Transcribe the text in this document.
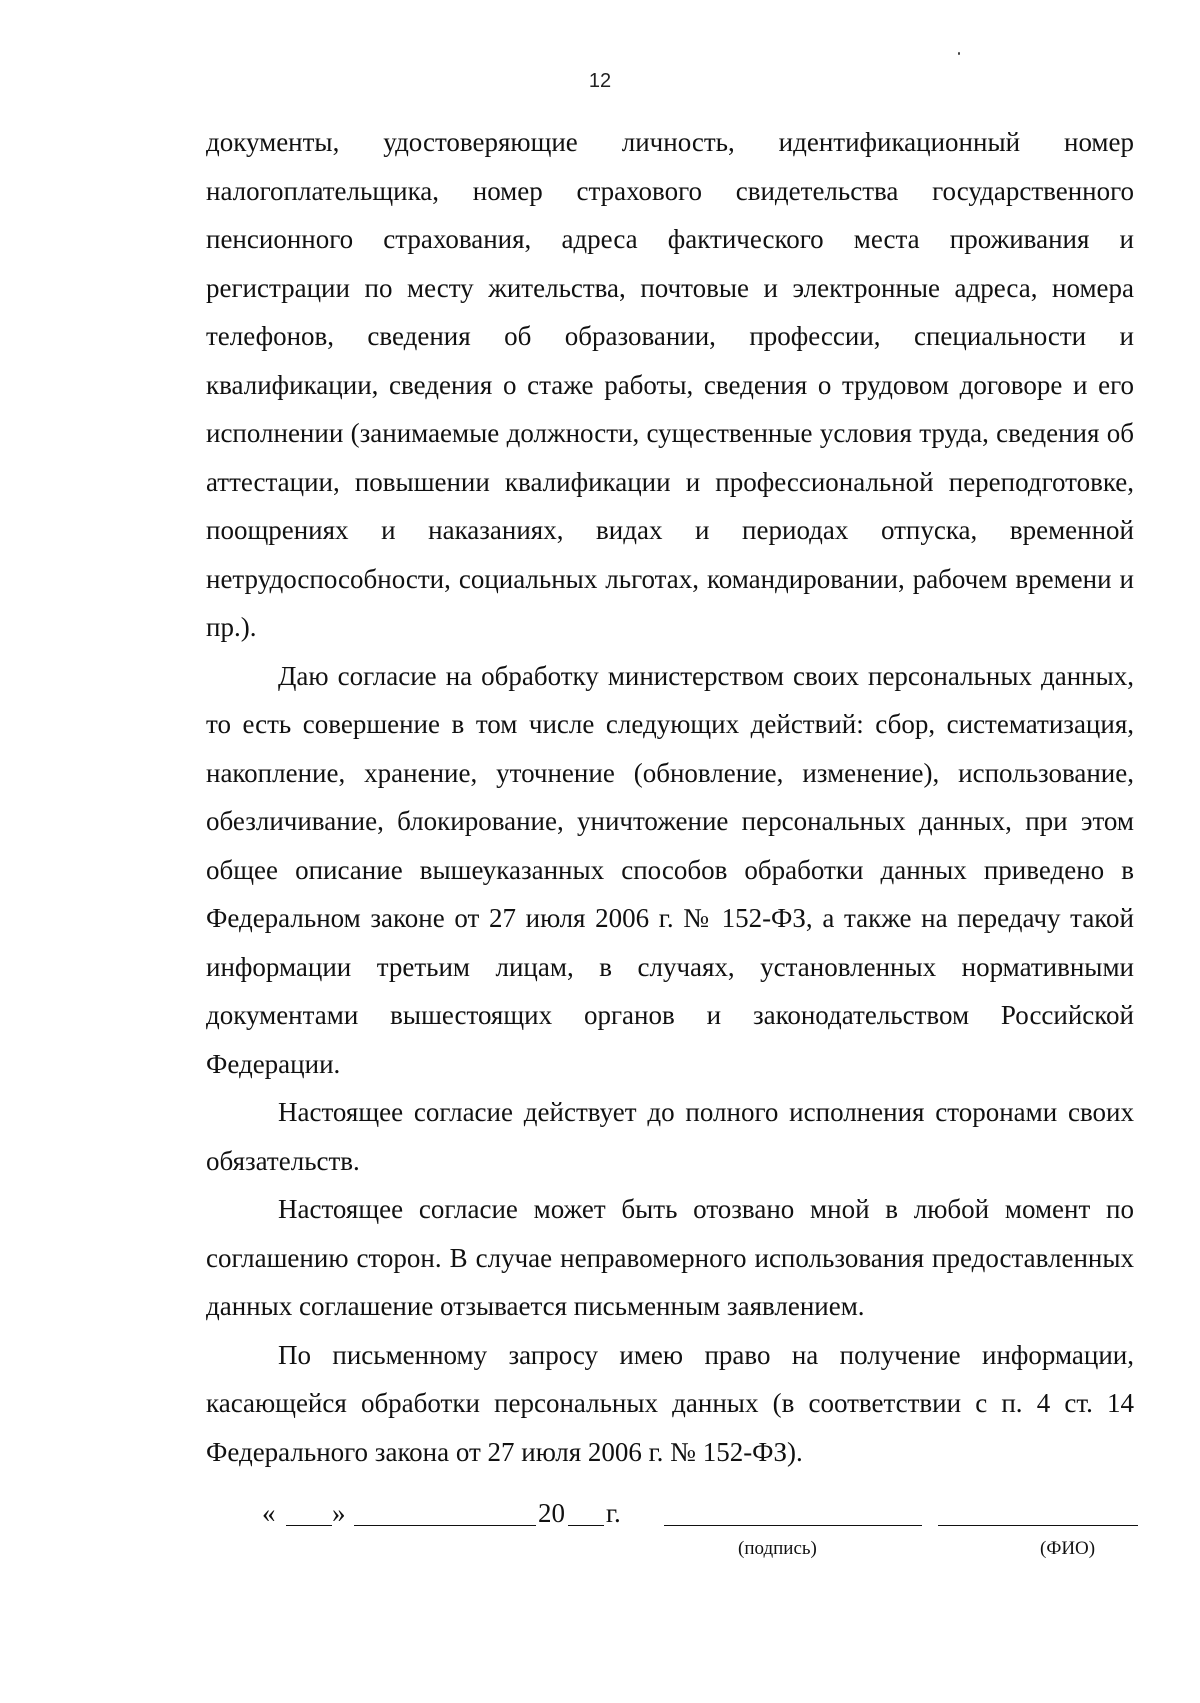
12

документы, удостоверяющие личность, идентификационный номер налогоплательщика, номер страхового свидетельства государственного пенсионного страхования, адреса фактического места проживания и регистрации по месту жительства, почтовые и электронные адреса, номера телефонов, сведения об образовании, профессии, специальности и квалификации, сведения о стаже работы, сведения о трудовом договоре и его исполнении (занимаемые должности, существенные условия труда, сведения об аттестации, повышении квалификации и профессиональной переподготовке, поощрениях и наказаниях, видах и периодах отпуска, временной нетрудоспособности, социальных льготах, командировании, рабочем времени и пр.).

Даю согласие на обработку министерством своих персональных данных, то есть совершение в том числе следующих действий: сбор, систематизация, накопление, хранение, уточнение (обновление, изменение), использование, обезличивание, блокирование, уничтожение персональных данных, при этом общее описание вышеуказанных способов обработки данных приведено в Федеральном законе от 27 июля 2006 г. № 152-ФЗ, а также на передачу такой информации третьим лицам, в случаях, установленных нормативными документами вышестоящих органов и законодательством Российской Федерации.

Настоящее согласие действует до полного исполнения сторонами своих обязательств.

Настоящее согласие может быть отозвано мной в любой момент по соглашению сторон. В случае неправомерного использования предоставленных данных соглашение отзывается письменным заявлением.

По письменному запросу имею право на получение информации, касающейся обработки персональных данных (в соответствии с п. 4 ст. 14 Федерального закона от 27 июля 2006 г. № 152-ФЗ).

« »	20 г.
(подпись)	(ФИО)
